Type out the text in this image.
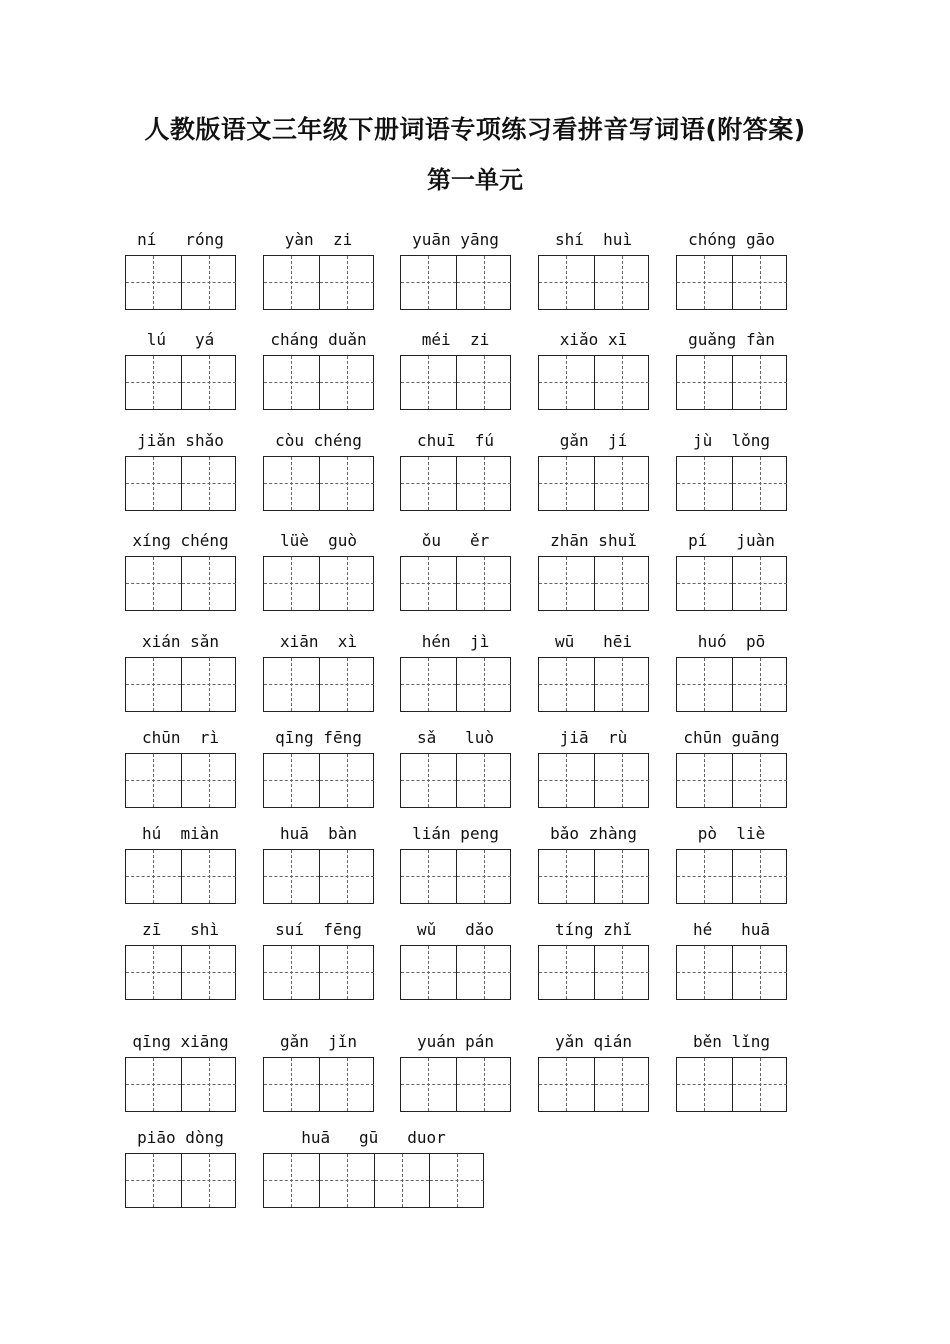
人教版语文三年级下册词语专项练习看拼音写词语(附答案)
第一单元
ní   róng	yàn  zi	yuān yāng	shí  huì	chóng gāo
lú   yá	cháng duǎn	méi  zi	xiǎo xī	guǎng fàn
jiǎn shǎo	còu chéng	chuī  fú	gǎn  jí	jù  lǒng
xíng chéng	lüè  guò	ǒu   ěr	zhān shuǐ	pí   juàn
xián sǎn	xiān  xì	hén  jì	wū   hēi	huó  pō
chūn  rì	qīng fēng	sǎ   luò	jiā  rù	chūn guāng
hú  miàn	huā  bàn	lián peng	bǎo zhàng	pò  liè
zī   shì	suí  fēng	wǔ   dǎo	tíng zhǐ	hé   huā
qīng xiāng	gǎn  jǐn	yuán pán	yǎn qián	běn lǐng
piāo dòng	huā   gū   duor
